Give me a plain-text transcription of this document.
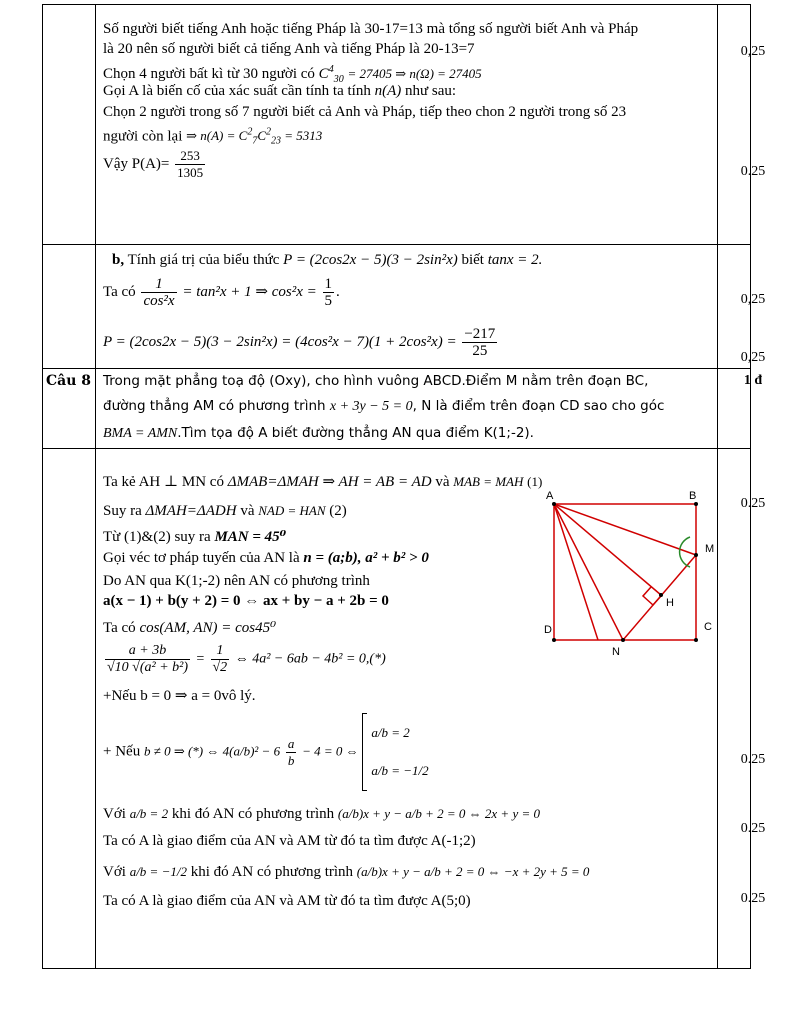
Số người biết tiếng Anh hoặc tiếng Pháp là 30-17=13 mà tổng số người biết Anh và Pháp
là 20 nên số người biết cả tiếng Anh và tiếng Pháp là 20-13=7
Chọn 4 người bất kì từ 30 người có $C^4_{30} = 27405$ ⇒ n(Ω) = 27405
Gọi A là biến cố của xác suất cần tính ta tính n(A) như sau:
Chọn 2 người trong số 7 người biết cả Anh và Pháp, tiếp theo chon 2 người trong số 23
người còn lại ⇒ $n(A) = C^2_7C^2_{23} = 5313$
Vậy $P(A)= \frac{253}{1305}$
0,25
0.25
b, Tính giá trị của biểu thức P = (2cos2x − 5)(3 − 2sin²x) biết tanx = 2.
Ta có $\frac{1}{\text{cos²x}} = \tan^2x + 1$ ⇒ $\cos^2x = \frac{1}{5}$ .
$P = (2\cos 2x - 5)(3 - 2\sin^2x) = (4\cos^2x - 7)(1 + 2\cos^2x) = \frac{-217}{25}$
0,25
0,25
Câu 8 Trong mặt phẳng toạ độ (Oxy), cho hình vuông ABCD.Điểm M nằm trên đoạn BC,
đường thẳng AM có phương trình x + 3y − 5 = 0, N là điểm trên đoạn CD sao cho góc
BMA = AMN.Tìm tọa độ A biết đường thẳng AN qua điểm K(1;-2).
1 đ
Ta kẻ AH ⊥ MN có ΔMAB=ΔMAH ⇒ AH = AB = AD và MAB = MAH (1)
Suy ra ΔMAH=ΔADH và NAD = HAN (2)
Từ (1)&(2) suy ra MAN = 45⁰
Gọi véc tơ pháp tuyến của AN là n = (a;b), a² + b² > 0
Do AN qua K(1;-2) nên AN có phương trình
a(x − 1) + b(y + 2) = 0 ⇔ ax + by − a + 2b = 0
Ta có cos(AM, AN) = cos45⁰
$\frac{a + 3b}{\text{√10 √(a² + b²)}} = \frac{1}{√2}$ ⇔ 4a² − 6ab − 4b² = 0,(*)
+Nếu b = 0 ⇒ a = 0vô lý.
+ Nếu b ≠ 0 ⇒ (*) ⇔ $4(a/b)^2 - 6 \frac{a}{b} - 4 = 0$ ⇔
a/b = 2
a/b = −1/2
Với a/b = 2 khi đó AN có phương trình (a/b)x + y − a/b + 2 = 0 ⇔ 2x + y = 0
Ta có A là giao điểm của AN và AM từ đó ta tìm được A(-1;2)
Với a/b = −1/2 khi đó AN có phương trình (a/b)x + y − a/b + 2 = 0 ⇔ −x + 2y + 5 = 0
Ta có A là giao điểm của AN và AM từ đó ta tìm được A(5;0)
0.25
0.25
0.25
0.25
A	B
C
D
M
N
H
